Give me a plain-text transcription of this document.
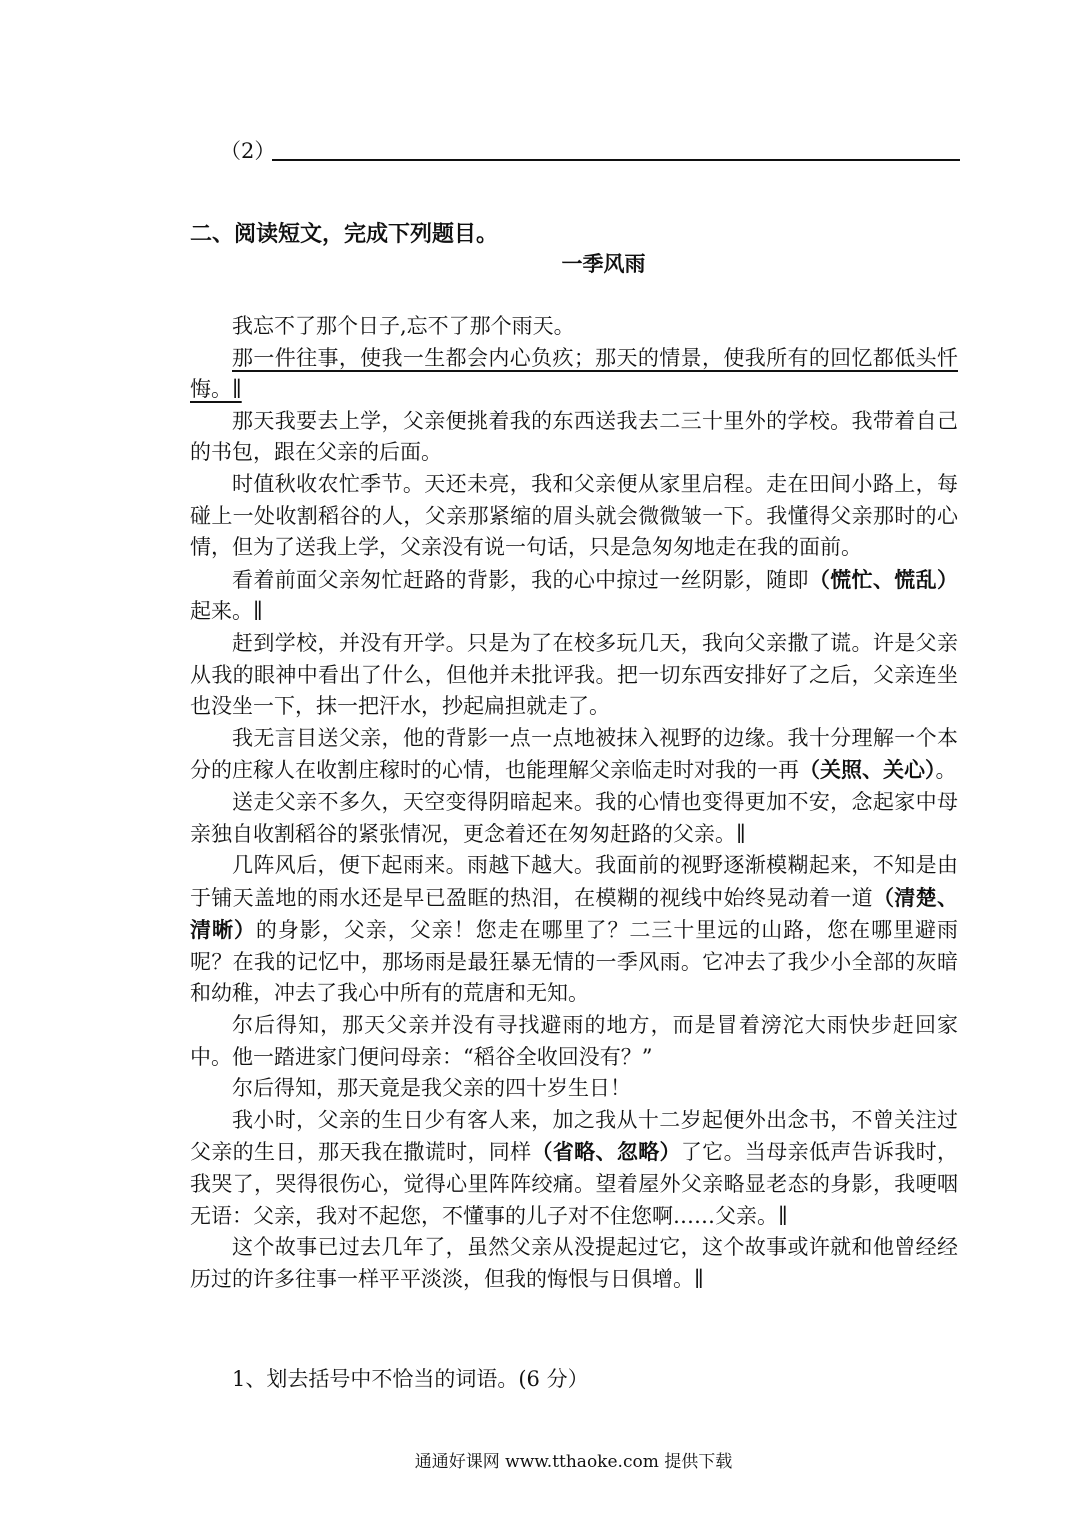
（2）
二、阅读短文，完成下列题目。
一季风雨

我忘不了那个日子,忘不了那个雨天。

那一件往事，使我一生都会内心负疚；那天的情景，使我所有的回忆都低头忏悔。∥

那天我要去上学，父亲便挑着我的东西送我去二三十里外的学校。我带着自己的书包，跟在父亲的后面。

时值秋收农忙季节。天还未亮，我和父亲便从家里启程。走在田间小路上，每碰上一处收割稻谷的人，父亲那紧缩的眉头就会微微皱一下。我懂得父亲那时的心情，但为了送我上学，父亲没有说一句话，只是急匆匆地走在我的面前。

看着前面父亲匆忙赶路的背影，我的心中掠过一丝阴影，随即（慌忙、慌乱）起来。∥

赶到学校，并没有开学。只是为了在校多玩几天，我向父亲撒了谎。许是父亲从我的眼神中看出了什么，但他并未批评我。把一切东西安排好了之后，父亲连坐也没坐一下，抹一把汗水，抄起扁担就走了。

我无言目送父亲，他的背影一点一点地被抹入视野的边缘。我十分理解一个本分的庄稼人在收割庄稼时的心情，也能理解父亲临走时对我的一再（关照、关心）。

送走父亲不多久，天空变得阴暗起来。我的心情也变得更加不安，念起家中母亲独自收割稻谷的紧张情况，更念着还在匆匆赶路的父亲。∥

几阵风后，便下起雨来。雨越下越大。我面前的视野逐渐模糊起来，不知是由于铺天盖地的雨水还是早已盈眶的热泪，在模糊的视线中始终晃动着一道（清楚、清晰）的身影，父亲，父亲！您走在哪里了？二三十里远的山路，您在哪里避雨呢？在我的记忆中，那场雨是最狂暴无情的一季风雨。它冲去了我少小全部的灰暗和幼稚，冲去了我心中所有的荒唐和无知。

尔后得知，那天父亲并没有寻找避雨的地方，而是冒着滂沱大雨快步赶回家中。他一踏进家门便问母亲：“稻谷全收回没有？”

尔后得知，那天竟是我父亲的四十岁生日！

我小时，父亲的生日少有客人来，加之我从十二岁起便外出念书，不曾关注过父亲的生日，那天我在撒谎时，同样（省略、忽略）了它。当母亲低声告诉我时，我哭了，哭得很伤心，觉得心里阵阵绞痛。望着屋外父亲略显老态的身影，我哽咽无语：父亲，我对不起您，不懂事的儿子对不住您啊……父亲。∥

这个故事已过去几年了，虽然父亲从没提起过它，这个故事或许就和他曾经经历过的许多往事一样平平淡淡，但我的悔恨与日俱增。∥

1、划去括号中不恰当的词语。(6 分）
通通好课网 www.tthaoke.com 提供下载
